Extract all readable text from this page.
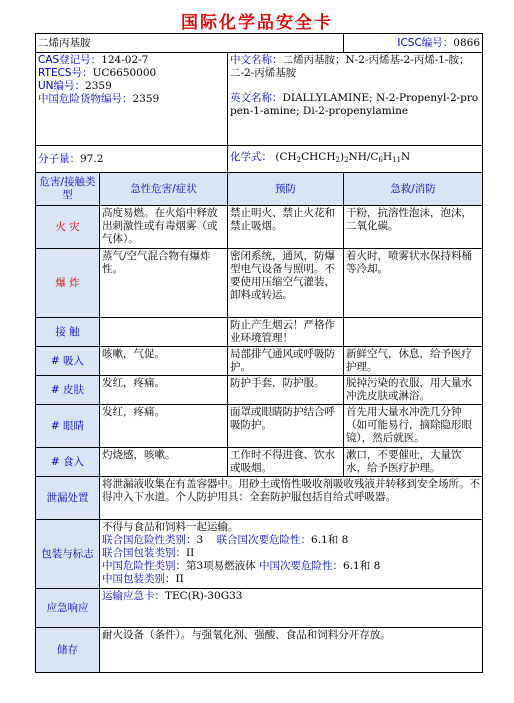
国际化学品安全卡
二烯丙基胺			ICSC编号：0866

CAS登记号：124-02-7
RTECS号：UC6650000
UN编号：2359
中国危险货物编号：2359		中文名称：二烯丙基胺；N-2-丙烯基-2-丙烯-1-胺；二-2-丙烯基胺
英文名称：DIALLYLAMINE; N-2-Propenyl-2-propen-1-amine; Di-2-propenylamine	

分子量：97.2		化学式： $(CH_2CHCH_2)_2NH/C_6H_{11}N$	
危害/接触类型	急性危害/症状	预防	急救/消防
火 灾	高度易燃。在火焰中释放出刺激性或有毒烟雾（或气体）。	禁止明火、禁止火花和禁止吸烟。	干粉，抗溶性泡沫，泡沫，二氧化碳。
爆 炸	蒸气/空气混合物有爆炸性。	密闭系统，通风，防爆型电气设备与照明。不要使用压缩空气灌装，卸料或转运。	着火时，喷雾状水保持料桶等冷却。
接 触		防止产生烟云！严格作业环境管理！	
# 吸入	咳嗽，气促。	局部排气通风或呼吸防护。	新鲜空气，休息，给予医疗护理。
# 皮肤	发红，疼痛。	防护手套，防护服。	脱掉污染的衣服，用大量水冲洗皮肤或淋浴。
# 眼睛	发红，疼痛。	面罩或眼睛防护结合呼吸防护。	首先用大量水冲洗几分钟（如可能易行，摘除隐形眼镜），然后就医。
# 食入	灼烧感，咳嗽。	工作时不得进食、饮水或吸烟。	漱口，不要催吐，大量饮水，给予医疗护理。
泄漏处置	将泄漏液收集在有盖容器中。用砂土或惰性吸收剂吸收残液并转移到安全场所。不得冲入下水道。个人防护用具：全套防护服包括自给式呼吸器。		
包装与标志	不得与食品和饲料一起运输。
联合国危险性类别：3 联合国次要危险性：6.1和 8
联合国包装类别：II
中国危险性类别：第3项易燃液体 中国次要危险性：6.1和 8
中国包装类别：II		

应急响应	运输应急卡：TEC(R)-30G33		
储存	耐火设备（条件）。与强氧化剂、强酸、食品和饲料分开存放。		
